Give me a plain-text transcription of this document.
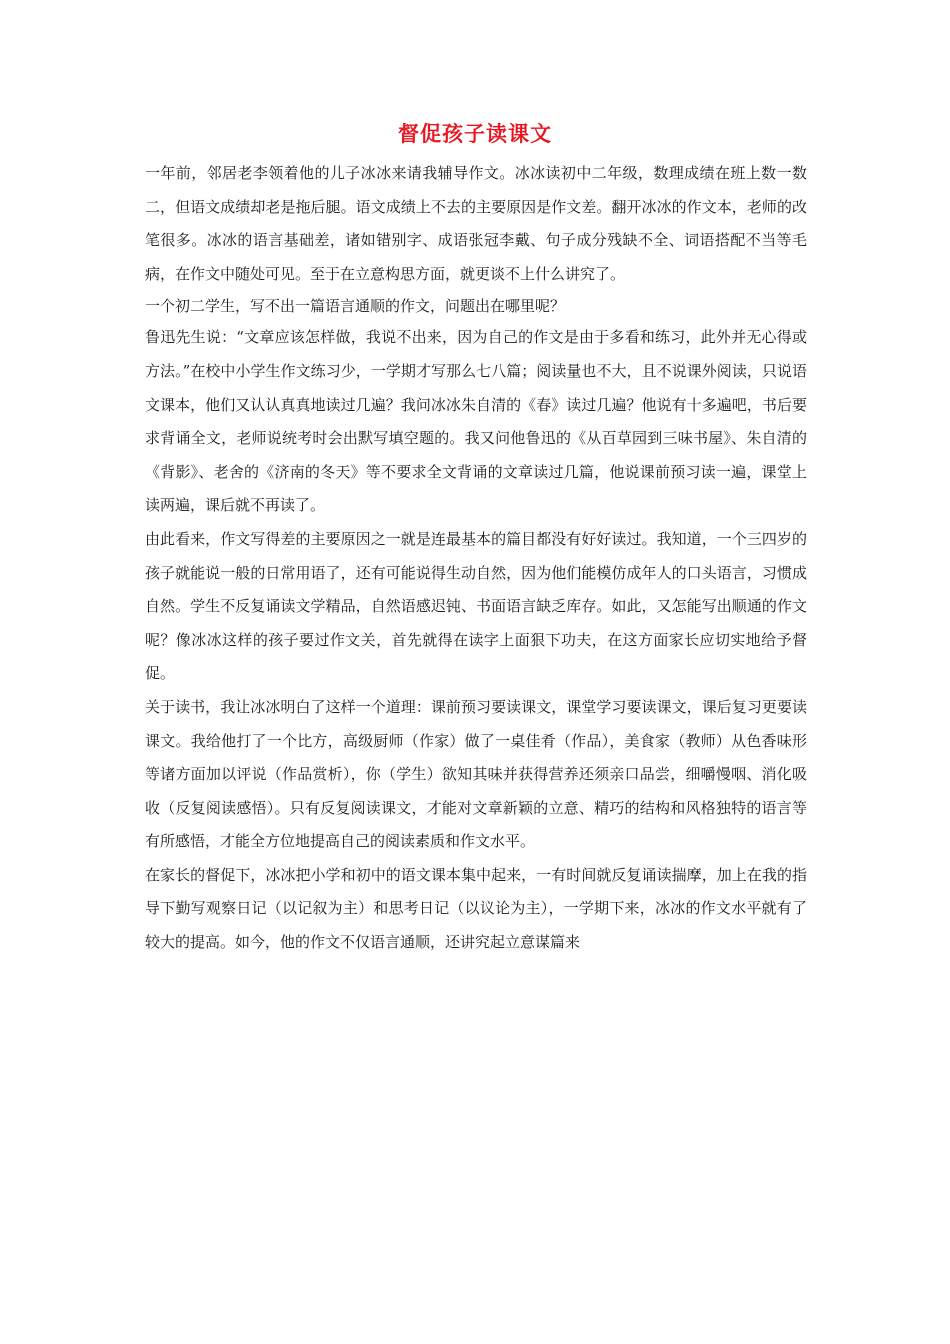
督促孩子读课文

一年前，邻居老李领着他的儿子冰冰来请我辅导作文。冰冰读初中二年级，数理成绩在班上数一数二，但语文成绩却老是拖后腿。语文成绩上不去的主要原因是作文差。翻开冰冰的作文本，老师的改笔很多。冰冰的语言基础差，诸如错别字、成语张冠李戴、句子成分残缺不全、词语搭配不当等毛病，在作文中随处可见。至于在立意构思方面，就更谈不上什么讲究了。

一个初二学生，写不出一篇语言通顺的作文，问题出在哪里呢？

鲁迅先生说：“文章应该怎样做，我说不出来，因为自己的作文是由于多看和练习，此外并无心得或方法。”在校中小学生作文练习少，一学期才写那么七八篇；阅读量也不大，且不说课外阅读，只说语文课本，他们又认认真真地读过几遍？我问冰冰朱自清的《春》读过几遍？他说有十多遍吧，书后要求背诵全文，老师说统考时会出默写填空题的。我又问他鲁迅的《从百草园到三味书屋》、朱自清的《背影》、老舍的《济南的冬天》等不要求全文背诵的文章读过几篇，他说课前预习读一遍，课堂上读两遍，课后就不再读了。

由此看来，作文写得差的主要原因之一就是连最基本的篇目都没有好好读过。我知道，一个三四岁的孩子就能说一般的日常用语了，还有可能说得生动自然，因为他们能模仿成年人的口头语言，习惯成自然。学生不反复诵读文学精品，自然语感迟钝、书面语言缺乏库存。如此，又怎能写出顺通的作文呢？像冰冰这样的孩子要过作文关，首先就得在读字上面狠下功夫，在这方面家长应切实地给予督促。

关于读书，我让冰冰明白了这样一个道理：课前预习要读课文，课堂学习要读课文，课后复习更要读课文。我给他打了一个比方，高级厨师（作家）做了一桌佳肴（作品），美食家（教师）从色香味形等诸方面加以评说（作品赏析），你（学生）欲知其味并获得营养还须亲口品尝，细嚼慢咽、消化吸收（反复阅读感悟）。只有反复阅读课文，才能对文章新颖的立意、精巧的结构和风格独特的语言等有所感悟，才能全方位地提高自己的阅读素质和作文水平。

在家长的督促下，冰冰把小学和初中的语文课本集中起来，一有时间就反复诵读揣摩，加上在我的指导下勤写观察日记（以记叙为主）和思考日记（以议论为主），一学期下来，冰冰的作文水平就有了较大的提高。如今，他的作文不仅语言通顺，还讲究起立意谋篇来
